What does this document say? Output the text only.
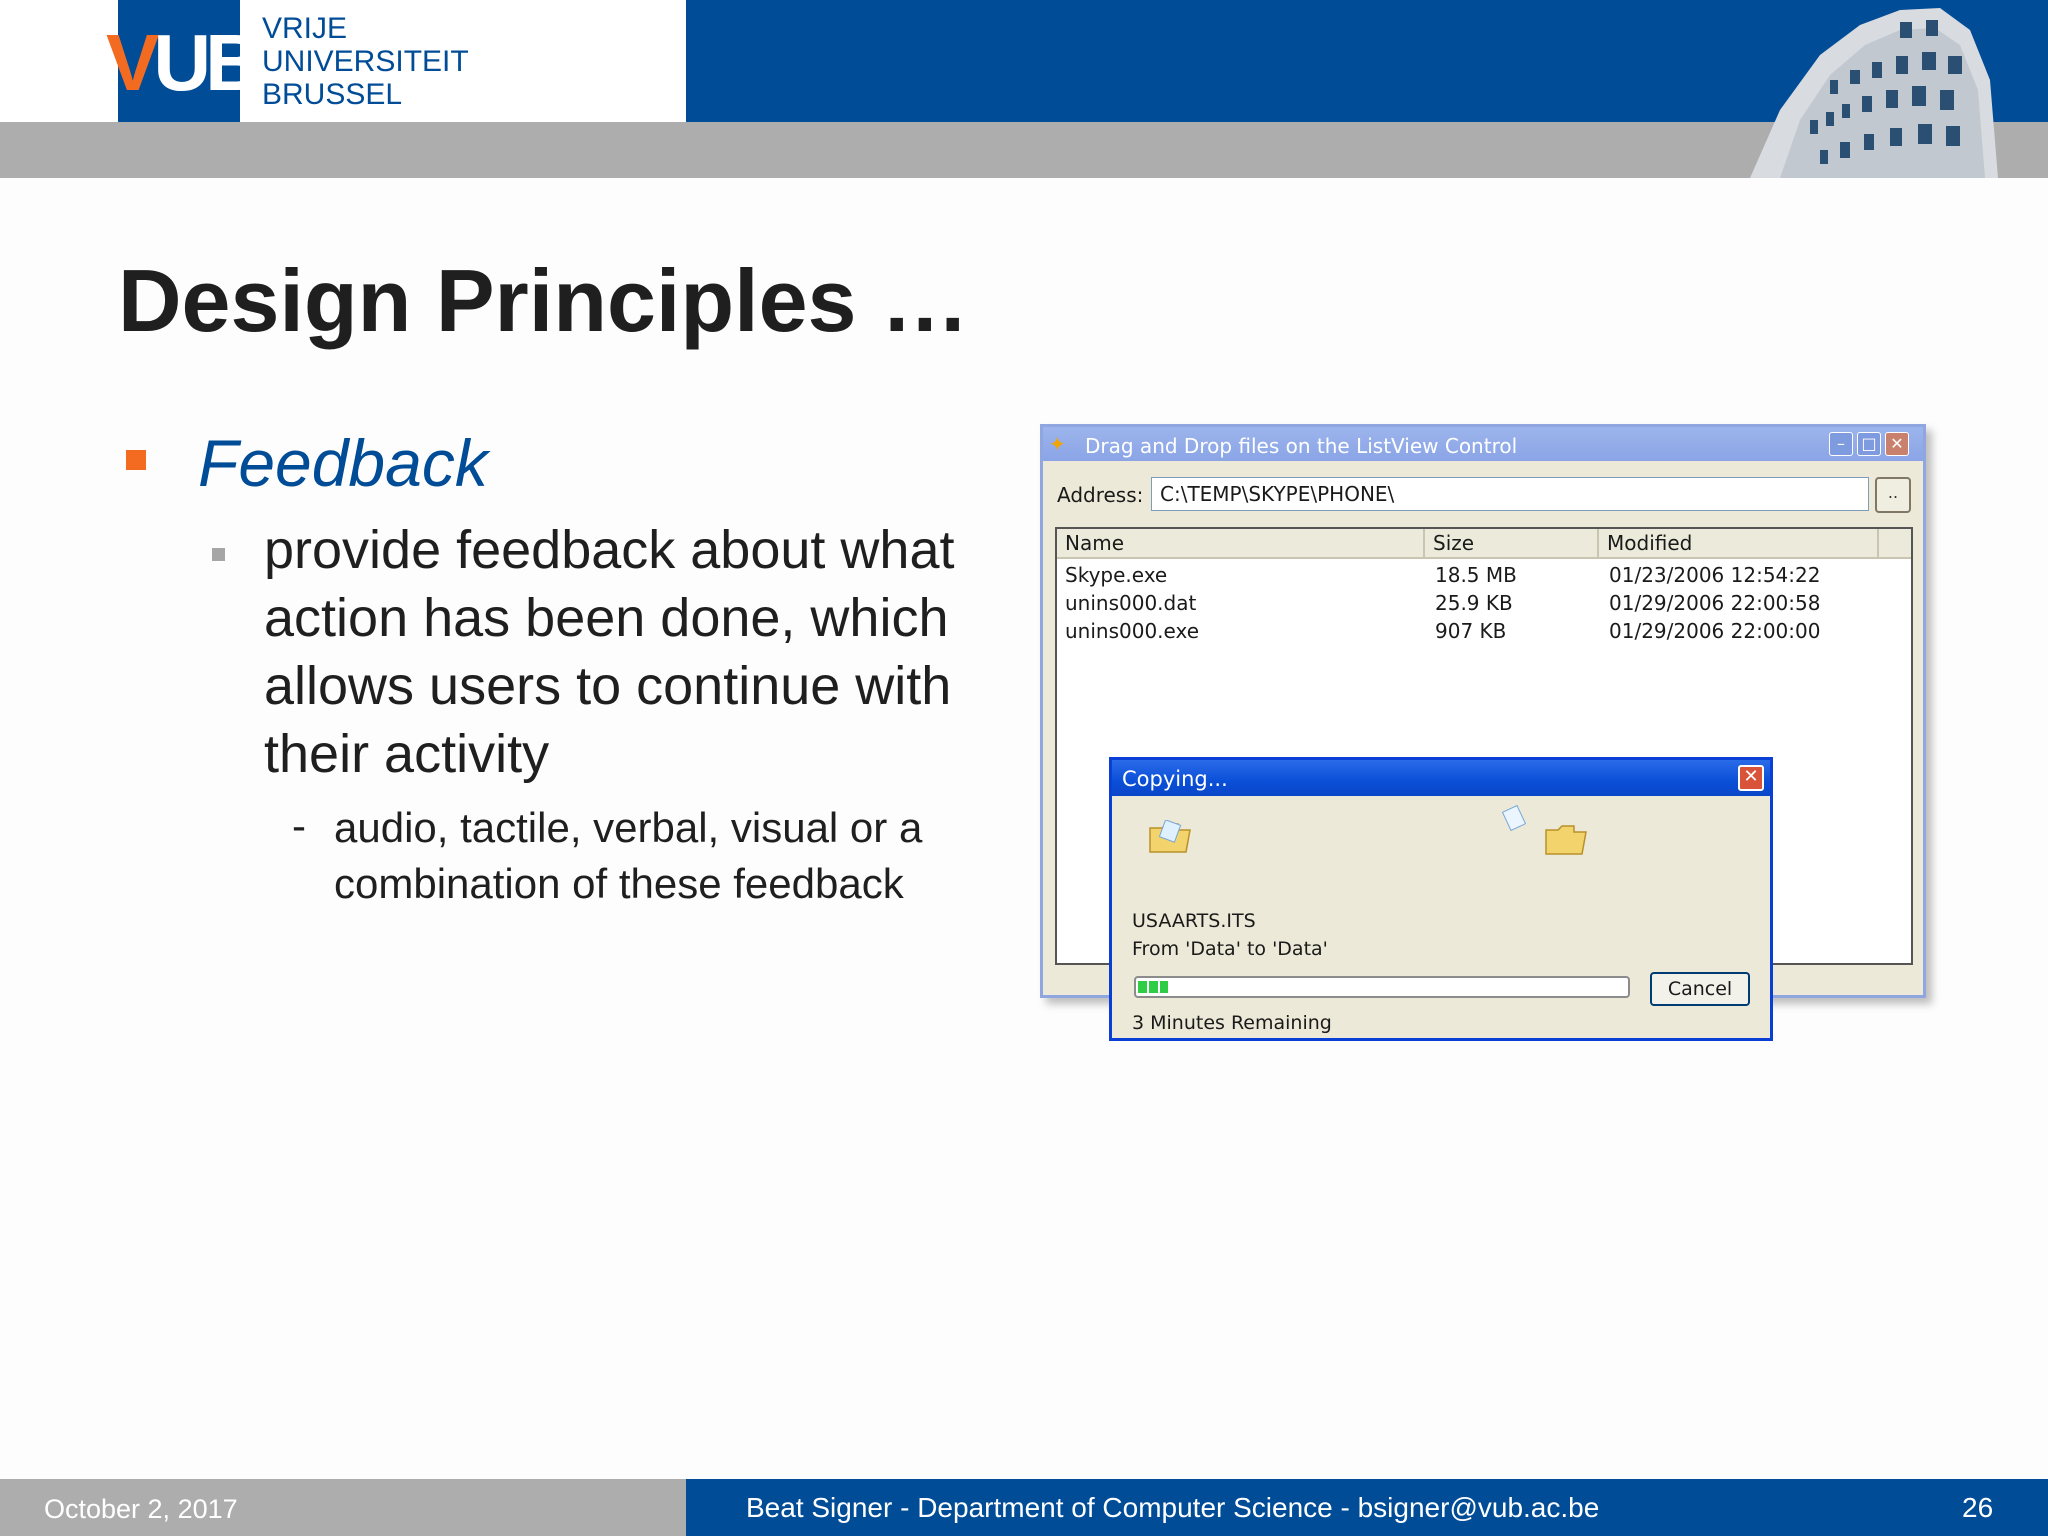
VUB VRIJE
UNIVERSITEIT
BRUSSEL
Design Principles …
Feedback
provide feedback about what action has been done, which allows users to continue with their activity
- audio, tactile, verbal, visual or a combination of these feedback
✦ Drag and Drop files on the ListView Control	–	□ ✕
Address: C:\TEMP\SKYPE\PHONE\	..
Name	Size	Modified
Skype.exe	18.5 MB	01/23/2006 12:54:22
unins000.dat	25.9 KB	01/29/2006 22:00:58
unins000.exe	907 KB	01/29/2006 22:00:00
Copying...	✕
USAARTS.ITS
From 'Data' to 'Data'
Cancel
3 Minutes Remaining
October 2, 2017	Beat Signer - Department of Computer Science - bsigner@vub.ac.be	26
